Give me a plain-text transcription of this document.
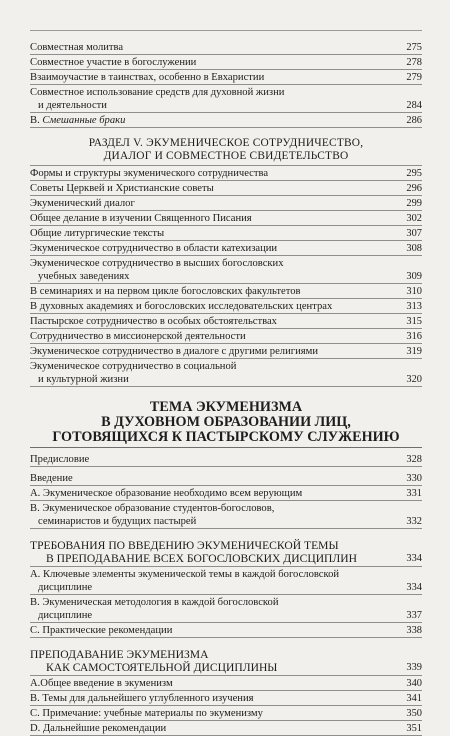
Совместная молитва	275
Совместное участие в богослужении	278
Взаимоучастие в таинствах, особенно в Евхаристии	279
Совместное использование средств для духовной жизни
и деятельности	284
B. Смешанные браки	286
РАЗДЕЛ V. ЭКУМЕНИЧЕСКОЕ СОТРУДНИЧЕСТВО,
ДИАЛОГ И СОВМЕСТНОЕ СВИДЕТЕЛЬСТВО
Формы и структуры экуменического сотрудничества	295
Советы Церквей и Христианские советы	296
Экуменический диалог	299
Общее делание в изучении Священного Писания	302
Общие литургические тексты	307
Экуменическое сотрудничество в области катехизации	308
Экуменическое сотрудничество в высших богословских
учебных заведениях	309
В семинариях и на первом цикле богословских факультетов	310
В духовных академиях и богословских исследовательских центрах	313
Пастырское сотрудничество в особых обстоятельствах	315
Сотрудничество в миссионерской деятельности	316
Экуменическое сотрудничество в диалоге с другими религиями	319
Экуменическое сотрудничество в социальной
и культурной жизни	320
ТЕМА ЭКУМЕНИЗМА
В ДУХОВНОМ ОБРАЗОВАНИИ ЛИЦ,
ГОТОВЯЩИХСЯ К ПАСТЫРСКОМУ СЛУЖЕНИЮ
Предисловие	328
Введение	330
A. Экуменическое образование необходимо всем верующим	331
B. Экуменическое образование студентов-богословов,
семинаристов и будущих пастырей	332
ТРЕБОВАНИЯ ПО ВВЕДЕНИЮ ЭКУМЕНИЧЕСКОЙ ТЕМЫ
В ПРЕПОДАВАНИЕ ВСЕХ БОГОСЛОВСКИХ ДИСЦИПЛИН	334
A. Ключевые элементы экуменической темы в каждой богословской
дисциплине	334
B. Экуменическая методология в каждой богословской
дисциплине	337
C. Практические рекомендации	338
ПРЕПОДАВАНИЕ ЭКУМЕНИЗМА
КАК САМОСТОЯТЕЛЬНОЙ ДИСЦИПЛИНЫ	339
A.Общее введение в экуменизм	340
B. Темы для дальнейшего углубленного изучения	341
C. Примечание: учебные материалы по экуменизму	350
D. Дальнейшие рекомендации	351
